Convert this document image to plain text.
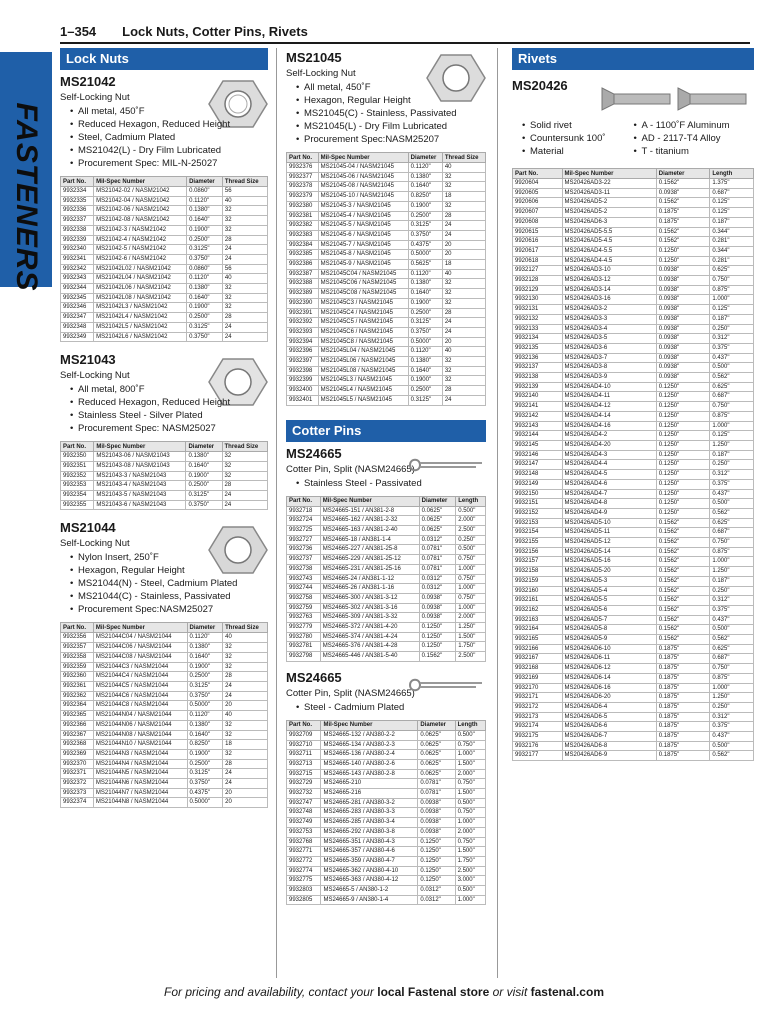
1–354 Lock Nuts, Cotter Pins, Rivets
FASTENERS
Lock Nuts
MS21042
Self-Locking Nut
• All metal, 450˚F
• Reduced Hexagon, Reduced Height
• Steel, Cadmium Plated
• MS21042(L) - Dry Film Lubricated
• Procurement Spec: MIL-N-25027
Part No.	Mil-Spec Number	Diameter	Thread Size
9932334	MS21042-02 / NASM21042	0.0860"	56
9932335	MS21042-04 / NASM21042	0.1120"	40
9932336	MS21042-06 / NASM21042	0.1380"	32
9932337	MS21042-08 / NASM21042	0.1640"	32
9932338	MS21042-3 / NASM21042	0.1900"	32
9932339	MS21042-4 / NASM21042	0.2500"	28
9932340	MS21042-5 / NASM21042	0.3125"	24
9932341	MS21042-6 / NASM21042	0.3750"	24
9932342	MS21042L02 / NASM21042	0.0860"	56
9932343	MS21042L04 / NASM21042	0.1120"	40
9932344	MS21042L06 / NASM21042	0.1380"	32
9932345	MS21042L08 / NASM21042	0.1640"	32
9932346	MS21042L3 / NASM21042	0.1900"	32
9932347	MS21042L4 / NASM21042	0.2500"	28
9932348	MS21042L5 / NASM21042	0.3125"	24
9932349	MS21042L6 / NASM21042	0.3750"	24
MS21043
Self-Locking Nut
• All metal, 800˚F
• Reduced Hexagon, Reduced Height
• Stainless Steel - Silver Plated
• Procurement Spec: NASM25027
Part No.	Mil-Spec Number	Diameter	Thread Size
9932350	MS21043-06 / NASM21043	0.1380"	32
9932351	MS21043-08 / NASM21043	0.1640"	32
9932352	MS21043-3 / NASM21043	0.1900"	32
9932353	MS21043-4 / NASM21043	0.2500"	28
9932354	MS21043-5 / NASM21043	0.3125"	24
9932355	MS21043-6 / NASM21043	0.3750"	24
MS21044
Self-Locking Nut
• Nylon Insert, 250˚F
• Hexagon, Regular Height
• MS21044(N) - Steel, Cadmium Plated
• MS21044(C) - Stainless, Passivated
• Procurement Spec:NASM25027
Part No.	Mil-Spec Number	Diameter	Thread Size
9932356	MS21044C04 / NASM21044	0.1120"	40
9932357	MS21044C06 / NASM21044	0.1380"	32
9932358	MS21044C08 / NASM21044	0.1640"	32
9932359	MS21044C3 / NASM21044	0.1900"	32
9932360	MS21044C4 / NASM21044	0.2500"	28
9932361	MS21044C5 / NASM21044	0.3125"	24
9932362	MS21044C6 / NASM21044	0.3750"	24
9932364	MS21044C8 / NASM21044	0.5000"	20
9932365	MS21044N04 / NASM21044	0.1120"	40
9932366	MS21044N06 / NASM21044	0.1380"	32
9932367	MS21044N08 / NASM21044	0.1640"	32
9932368	MS21044N10 / NASM21044	0.8250"	18
9932369	MS21044N3 / NASM21044	0.1900"	32
9932370	MS21044N4 / NASM21044	0.2500"	28
9932371	MS21044N5 / NASM21044	0.3125"	24
9932372	MS21044N6 / NASM21044	0.3750"	24
9932373	MS21044N7 / NASM21044	0.4375"	20
9932374	MS21044N8 / NASM21044	0.5000"	20
MS21045
Self-Locking Nut
• All metal, 450˚F
• Hexagon, Regular Height
• MS21045(C) - Stainless, Passivated
• MS21045(L) - Dry Film Lubricated
• Procurement Spec:NASM25207
Part No.	Mil-Spec Number	Diameter	Thread Size
9932376	MS21045-04 / NASM21045	0.1120"	40
9932377	MS21045-06 / NASM21045	0.1380"	32
9932378	MS21045-08 / NASM21045	0.1640"	32
9932379	MS21045-10 / NASM21045	0.8250"	18
9932380	MS21045-3 / NASM21045	0.1900"	32
9932381	MS21045-4 / NASM21045	0.2500"	28
9932382	MS21045-5 / NASM21045	0.3125"	24
9932383	MS21045-6 / NASM21045	0.3750"	24
9932384	MS21045-7 / NASM21045	0.4375"	20
9932385	MS21045-8 / NASM21045	0.5000"	20
9932386	MS21045-9 / NASM21045	0.5625"	18
9932387	MS21045C04 / NASM21045	0.1120"	40
9932388	MS21045C06 / NASM21045	0.1380"	32
9932389	MS21045C08 / NASM21045	0.1640"	32
9932390	MS21045C3 / NASM21045	0.1900"	32
9932391	MS21045C4 / NASM21045	0.2500"	28
9932392	MS21045C5 / NASM21045	0.3125"	24
9932393	MS21045C6 / NASM21045	0.3750"	24
9932394	MS21045C8 / NASM21045	0.5000"	20
9932396	MS21045L04 / NASM21045	0.1120"	40
9932397	MS21045L06 / NASM21045	0.1380"	32
9932398	MS21045L08 / NASM21045	0.1640"	32
9932399	MS21045L3 / NASM21045	0.1900"	32
9932400	MS21045L4 / NASM21045	0.2500"	28
9932401	MS21045L5 / NASM21045	0.3125"	24
Cotter Pins
MS24665
Cotter Pin, Split (NASM24665)
• Stainless Steel - Passivated
Part No.	Mil-Spec Number	Diameter	Length
9932718	MS24665-151 / AN381-2-8	0.0625"	0.500"
9932724	MS24665-162 / AN381-2-32	0.0625"	2.000"
9932725	MS24665-163 / AN381-2-40	0.0625"	2.500"
9932727	MS24665-18 / AN381-1-4	0.0312"	0.250"
9932736	MS24665-227 / AN381-25-8	0.0781"	0.500"
9932737	MS24665-229 / AN381-25-12	0.0781"	0.750"
9932738	MS24665-231 / AN381-25-16	0.0781"	1.000"
9932743	MS24665-24 / AN381-1-12	0.0312"	0.750"
9932744	MS24665-26 / AN381-1-16	0.0312"	1.000"
9932758	MS24665-300 / AN381-3-12	0.0938"	0.750"
9932759	MS24665-302 / AN381-3-16	0.0938"	1.000"
9932763	MS24665-309 / AN381-3-32	0.0938"	2.000"
9932779	MS24665-372 / AN381-4-20	0.1250"	1.250"
9932780	MS24665-374 / AN381-4-24	0.1250"	1.500"
9932781	MS24665-376 / AN381-4-28	0.1250"	1.750"
9932798	MS24665-446 / AN381-5-40	0.1562"	2.500"
MS24665
Cotter Pin, Split (NASM24665)
• Steel - Cadmium Plated
Part No.	Mil-Spec Number	Diameter	Length
9932709	MS24665-132 / AN380-2-2	0.0625"	0.500"
9932710	MS24665-134 / AN380-2-3	0.0625"	0.750"
9932711	MS24665-136 / AN380-2-4	0.0625"	1.000"
9932713	MS24665-140 / AN380-2-6	0.0625"	1.500"
9932715	MS24665-143 / AN380-2-8	0.0625"	2.000"
9932729	MS24665-210	0.0781"	0.750"
9932732	MS24665-216	0.0781"	1.500"
9932747	MS24665-281 / AN380-3-2	0.0938"	0.500"
9932748	MS24665-283 / AN380-3-3	0.0938"	0.750"
9932749	MS24665-285 / AN380-3-4	0.0938"	1.000"
9932753	MS24665-292 / AN380-3-8	0.0938"	2.000"
9932768	MS24665-351 / AN380-4-3	0.1250"	0.750"
9932771	MS24665-357 / AN380-4-6	0.1250"	1.500"
9932772	MS24665-359 / AN380-4-7	0.1250"	1.750"
9932774	MS24665-362 / AN380-4-10	0.1250"	2.500"
9932775	MS24665-363 / AN380-4-12	0.1250"	3.000"
9932803	MS24665-5 / AN380-1-2	0.0312"	0.500"
9932805	MS24665-9 / AN380-1-4	0.0312"	1.000"
Rivets
MS20426
• Solid rivet
• Countersunk 100˚
• Material
• A - 1100˚F Aluminum
• AD - 2117-T4 Alloy
• T - titanium
Part No.	Mil-Spec Number	Diameter	Length
9920604	MS20426AD3-22	0.1562"	1.375"
9920605	MS20426AD3-11	0.0938"	0.687"
9920606	MS20426AD5-2	0.1562"	0.125"
9920607	MS20426AD5-2	0.1875"	0.125"
9920608	MS20426AD6-3	0.1875"	0.187"
9920615	MS20426AD5-5.5	0.1562"	0.344"
9920616	MS20426AD5-4.5	0.1562"	0.281"
9920617	MS20426AD4-5.5	0.1250"	0.344"
9920618	MS20426AD4-4.5	0.1250"	0.281"
9932127	MS20426AD3-10	0.0938"	0.625"
9932128	MS20426AD3-12	0.0938"	0.750"
9932129	MS20426AD3-14	0.0938"	0.875"
9932130	MS20426AD3-16	0.0938"	1.000"
9932131	MS20426AD3-2	0.0938"	0.125"
9932132	MS20426AD3-3	0.0938"	0.187"
9932133	MS20426AD3-4	0.0938"	0.250"
9932134	MS20426AD3-5	0.0938"	0.312"
9932135	MS20426AD3-6	0.0938"	0.375"
9932136	MS20426AD3-7	0.0938"	0.437"
9932137	MS20426AD3-8	0.0938"	0.500"
9932138	MS20426AD3-9	0.0938"	0.562"
9932139	MS20426AD4-10	0.1250"	0.625"
9932140	MS20426AD4-11	0.1250"	0.687"
9932141	MS20426AD4-12	0.1250"	0.750"
9932142	MS20426AD4-14	0.1250"	0.875"
9932143	MS20426AD4-16	0.1250"	1.000"
9932144	MS20426AD4-2	0.1250"	0.125"
9932145	MS20426AD4-20	0.1250"	1.250"
9932146	MS20426AD4-3	0.1250"	0.187"
9932147	MS20426AD4-4	0.1250"	0.250"
9932148	MS20426AD4-5	0.1250"	0.312"
9932149	MS20426AD4-6	0.1250"	0.375"
9932150	MS20426AD4-7	0.1250"	0.437"
9932151	MS20426AD4-8	0.1250"	0.500"
9932152	MS20426AD4-9	0.1250"	0.562"
9932153	MS20426AD5-10	0.1562"	0.625"
9932154	MS20426AD5-11	0.1562"	0.687"
9932155	MS20426AD5-12	0.1562"	0.750"
9932156	MS20426AD5-14	0.1562"	0.875"
9932157	MS20426AD5-16	0.1562"	1.000"
9932158	MS20426AD5-20	0.1562"	1.250"
9932159	MS20426AD5-3	0.1562"	0.187"
9932160	MS20426AD5-4	0.1562"	0.250"
9932161	MS20426AD5-5	0.1562"	0.312"
9932162	MS20426AD5-6	0.1562"	0.375"
9932163	MS20426AD5-7	0.1562"	0.437"
9932164	MS20426AD5-8	0.1562"	0.500"
9932165	MS20426AD5-9	0.1562"	0.562"
9932166	MS20426AD6-10	0.1875"	0.625"
9932167	MS20426AD6-11	0.1875"	0.687"
9932168	MS20426AD6-12	0.1875"	0.750"
9932169	MS20426AD6-14	0.1875"	0.875"
9932170	MS20426AD6-16	0.1875"	1.000"
9932171	MS20426AD6-20	0.1875"	1.250"
9932172	MS20426AD6-4	0.1875"	0.250"
9932173	MS20426AD6-5	0.1875"	0.312"
9932174	MS20426AD6-6	0.1875"	0.375"
9932175	MS20426AD6-7	0.1875"	0.437"
9932176	MS20426AD6-8	0.1875"	0.500"
9932177	MS20426AD6-9	0.1875"	0.562"
For pricing and availability, contact your local Fastenal store or visit fastenal.com
